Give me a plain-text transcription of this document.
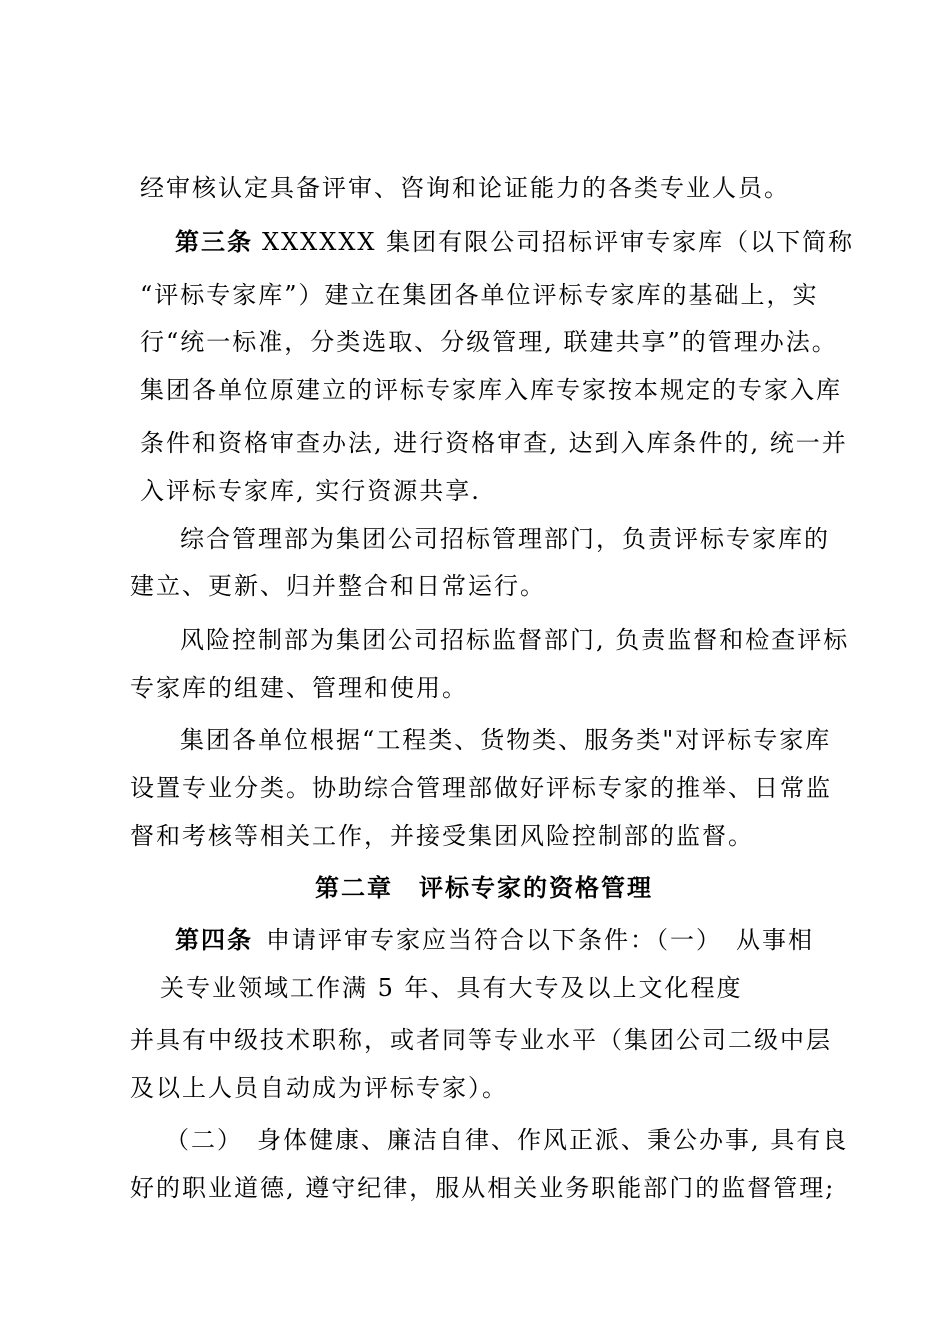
经审核认定具备评审、咨询和论证能力的各类专业人员。
第三条 XXXXXX 集团有限公司招标评审专家库（以下简称
“评标专家库”）建立在集团各单位评标专家库的基础上，实
行“统一标准，分类选取、分级管理, 联建共享”的管理办法。
集团各单位原建立的评标专家库入库专家按本规定的专家入库
条件和资格审查办法, 进行资格审查, 达到入库条件的, 统一并
入评标专家库, 实行资源共享.
综合管理部为集团公司招标管理部门，负责评标专家库的
建立、更新、归并整合和日常运行。
风险控制部为集团公司招标监督部门, 负责监督和检查评标
专家库的组建、管理和使用。
集团各单位根据“工程类、货物类、服务类"对评标专家库
设置专业分类。协助综合管理部做好评标专家的推举、日常监
督和考核等相关工作，并接受集团风险控制部的监督。
第二章　评标专家的资格管理
第四条 申请评审专家应当符合以下条件：（一）　从事相
关专业领域工作满 5 年、具有大专及以上文化程度
并具有中级技术职称，或者同等专业水平（集团公司二级中层
及以上人员自动成为评标专家）。
（二）　身体健康、廉洁自律、作风正派、秉公办事, 具有良
好的职业道德, 遵守纪律，服从相关业务职能部门的监督管理;
